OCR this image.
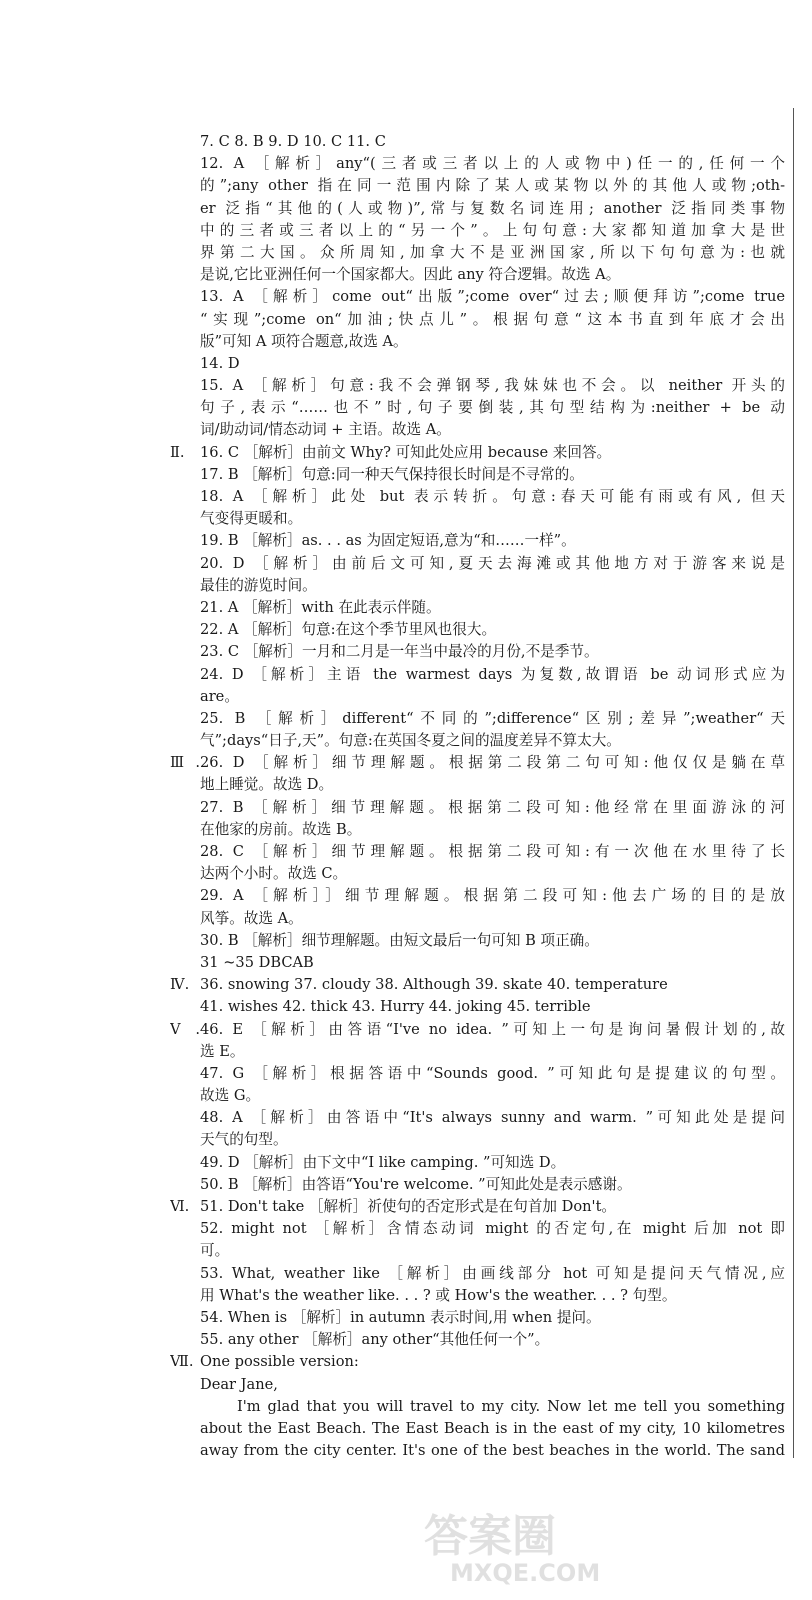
7. C 8. B 9. D 10. C 11. C
12. A ［解析］any“(三者或三者以上的人或物中)任一的,任何一个
的”;any other 指在同一范围内除了某人或某物以外的其他人或物;oth-
er 泛指“其他的(人或物)”,常与复数名词连用; another 泛指同类事物
中的三者或三者以上的“另一个”。上句句意:大家都知道加拿大是世
界第二大国。众所周知,加拿大不是亚洲国家,所以下句句意为:也就
是说,它比亚洲任何一个国家都大。因此 any 符合逻辑。故选 A。
13. A ［解析］come out“出版”;come over“过去;顺便拜访”;come true
“实现”;come on“加油;快点儿”。根据句意“这本书直到年底才会出
版”可知 A 项符合题意,故选 A。
14. D
15. A ［解析］句意:我不会弹钢琴,我妹妹也不会。以 neither 开头的
句子,表示“……也不”时,句子要倒装,其句型结构为:neither + be 动
词/助动词/情态动词 + 主语。故选 A。
Ⅱ.	16. C ［解析］由前文 Why? 可知此处应用 because 来回答。
17. B ［解析］句意:同一种天气保持很长时间是不寻常的。
18. A ［解析］此处 but 表示转折。句意:春天可能有雨或有风, 但天
气变得更暖和。
19. B ［解析］as. . . as 为固定短语,意为“和……一样”。
20. D ［解析］由前后文可知,夏天去海滩或其他地方对于游客来说是
最佳的游览时间。
21. A ［解析］with 在此表示伴随。
22. A ［解析］句意:在这个季节里风也很大。
23. C ［解析］一月和二月是一年当中最冷的月份,不是季节。
24. D ［解析］主语 the warmest days 为复数,故谓语 be 动词形式应为
are。
25. B ［解析］different“不同的”;difference“区别;差异”;weather“天
气”;days“日子,天”。句意:在英国冬夏之间的温度差异不算太大。
Ⅲ. 26. D ［解析］细节理解题。根据第二段第二句可知:他仅仅是躺在草
地上睡觉。故选 D。
27. B ［解析］细节理解题。根据第二段可知:他经常在里面游泳的河
在他家的房前。故选 B。
28. C ［解析］细节理解题。根据第二段可知:有一次他在水里待了长
达两个小时。故选 C。
29. A ［解析］］细节理解题。根据第二段可知:他去广场的目的是放
风筝。故选 A。
30. B ［解析］细节理解题。由短文最后一句可知 B 项正确。
31 ~35 DBCAB
Ⅳ. 36. snowing 37. cloudy 38. Although 39. skate 40. temperature
41. wishes 42. thick 43. Hurry 44. joking 45. terrible
Ⅴ. 46. E ［解析］由答语“I've no idea. ”可知上一句是询问暑假计划的,故
选 E。
47. G ［解析］根据答语中“Sounds good. ”可知此句是提建议的句型。
故选 G。
48. A ［解析］由答语中“It's always sunny and warm. ”可知此处是提问
天气的句型。
49. D ［解析］由下文中“I like camping. ”可知选 D。
50. B ［解析］由答语“You're welcome. ”可知此处是表示感谢。
Ⅵ. 51. Don't take ［解析］祈使句的否定形式是在句首加 Don't。
52. might not ［解析］含情态动词 might 的否定句,在 might 后加 not 即
可。
53. What, weather like ［解析］由画线部分 hot 可知是提问天气情况,应
用 What's the weather like. . . ? 或 How's the weather. . . ? 句型。
54. When is ［解析］in autumn 表示时间,用 when 提问。
55. any other ［解析］any other“其他任何一个”。
Ⅶ. One possible version:
Dear Jane,
I'm glad that you will travel to my city. Now let me tell you something
about the East Beach. The East Beach is in the east of my city, 10 kilometres
away from the city center. It's one of the best beaches in the world. The sand
答案圈
MXQE.COM
